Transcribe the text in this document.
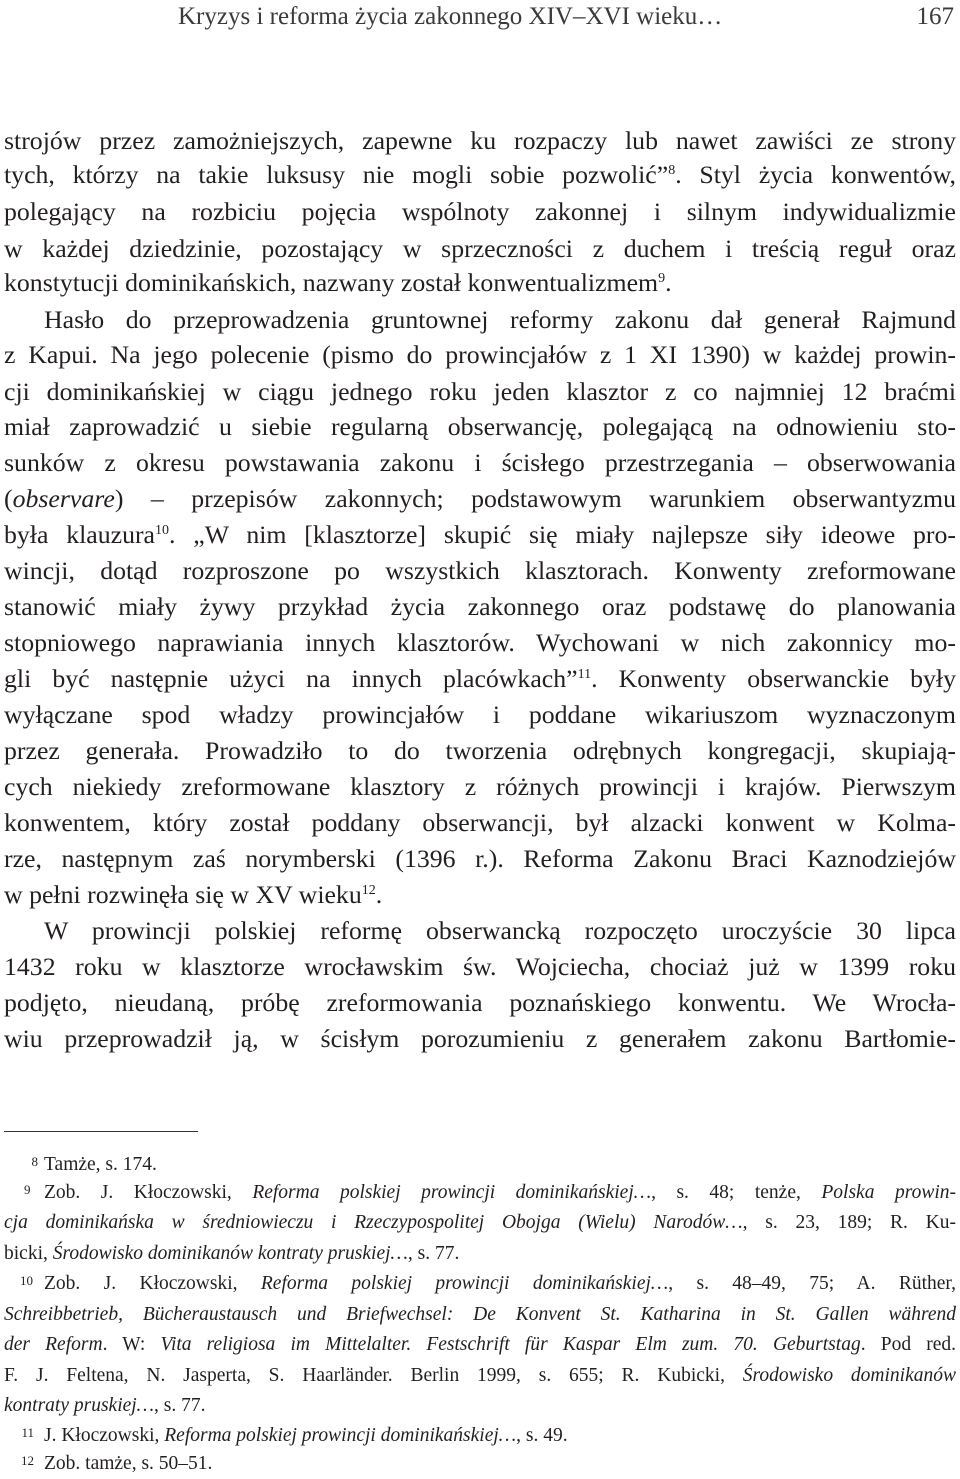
Kryzys i reforma życia zakonnego XIV–XVI wieku…	167
strojów przez zamożniejszych, zapewne ku rozpaczy lub nawet zawiści ze strony
tych, którzy na takie luksusy nie mogli sobie pozwolić”$^8$. Styl życia konwentów,
polegający na rozbiciu pojęcia wspólnoty zakonnej i silnym indywidualizmie
w każdej dziedzinie, pozostający w sprzeczności z duchem i treścią reguł oraz
konstytucji dominikańskich, nazwany został konwentualizmem$^9$.
Hasło do przeprowadzenia gruntownej reformy zakonu dał generał Rajmund
z Kapui. Na jego polecenie (pismo do prowincjałów z 1 XI 1390) w każdej prowin-
cji dominikańskiej w ciągu jednego roku jeden klasztor z co najmniej 12 braćmi
miał zaprowadzić u siebie regularną obserwancję, polegającą na odnowieniu sto-
sunków z okresu powstawania zakonu i ścisłego przestrzegania – obserwowania
(observare) – przepisów zakonnych; podstawowym warunkiem obserwantyzmu
była klauzura$^{10}$. „W nim [klasztorze] skupić się miały najlepsze siły ideowe pro-
wincji, dotąd rozproszone po wszystkich klasztorach. Konwenty zreformowane
stanowić miały żywy przykład życia zakonnego oraz podstawę do planowania
stopniowego naprawiania innych klasztorów. Wychowani w nich zakonnicy mo-
gli być następnie użyci na innych placówkach”$^{11}$. Konwenty obserwanckie były
wyłączane spod władzy prowincjałów i poddane wikariuszom wyznaczonym
przez generała. Prowadziło to do tworzenia odrębnych kongregacji, skupiają-
cych niekiedy zreformowane klasztory z różnych prowincji i krajów. Pierwszym
konwentem, który został poddany obserwancji, był alzacki konwent w Kolma-
rze, następnym zaś norymberski (1396 r.). Reforma Zakonu Braci Kaznodziejów
w pełni rozwinęła się w XV wieku$^{12}$.
W prowincji polskiej reformę obserwancką rozpoczęto uroczyście 30 lipca
1432 roku w klasztorze wrocławskim św. Wojciecha, chociaż już w 1399 roku
podjęto, nieudaną, próbę zreformowania poznańskiego konwentu. We Wrocła-
wiu przeprowadził ją, w ścisłym porozumieniu z generałem zakonu Bartłomie-
8 Tamże, s. 174.
9 Zob. J. Kłoczowski, Reforma polskiej prowincji dominikańskiej…, s. 48; tenże, Polska prowin-
cja dominikańska w średniowieczu i Rzeczypospolitej Obojga (Wielu) Narodów…, s. 23, 189; R. Ku-
bicki, Środowisko dominikanów kontraty pruskiej…, s. 77.
10 Zob. J. Kłoczowski, Reforma polskiej prowincji dominikańskiej…, s. 48–49, 75; A. Rüther,
Schreibbetrieb, Bücheraustausch und Briefwechsel: De Konvent St. Katharina in St. Gallen während
der Reform. W: Vita religiosa im Mittelalter. Festschrift für Kaspar Elm zum. 70. Geburtstag. Pod red.
F. J. Feltena, N. Jasperta, S. Haarländer. Berlin 1999, s. 655; R. Kubicki, Środowisko dominikanów
kontraty pruskiej…, s. 77.
11 J. Kłoczowski, Reforma polskiej prowincji dominikańskiej…, s. 49.
12 Zob. tamże, s. 50–51.
